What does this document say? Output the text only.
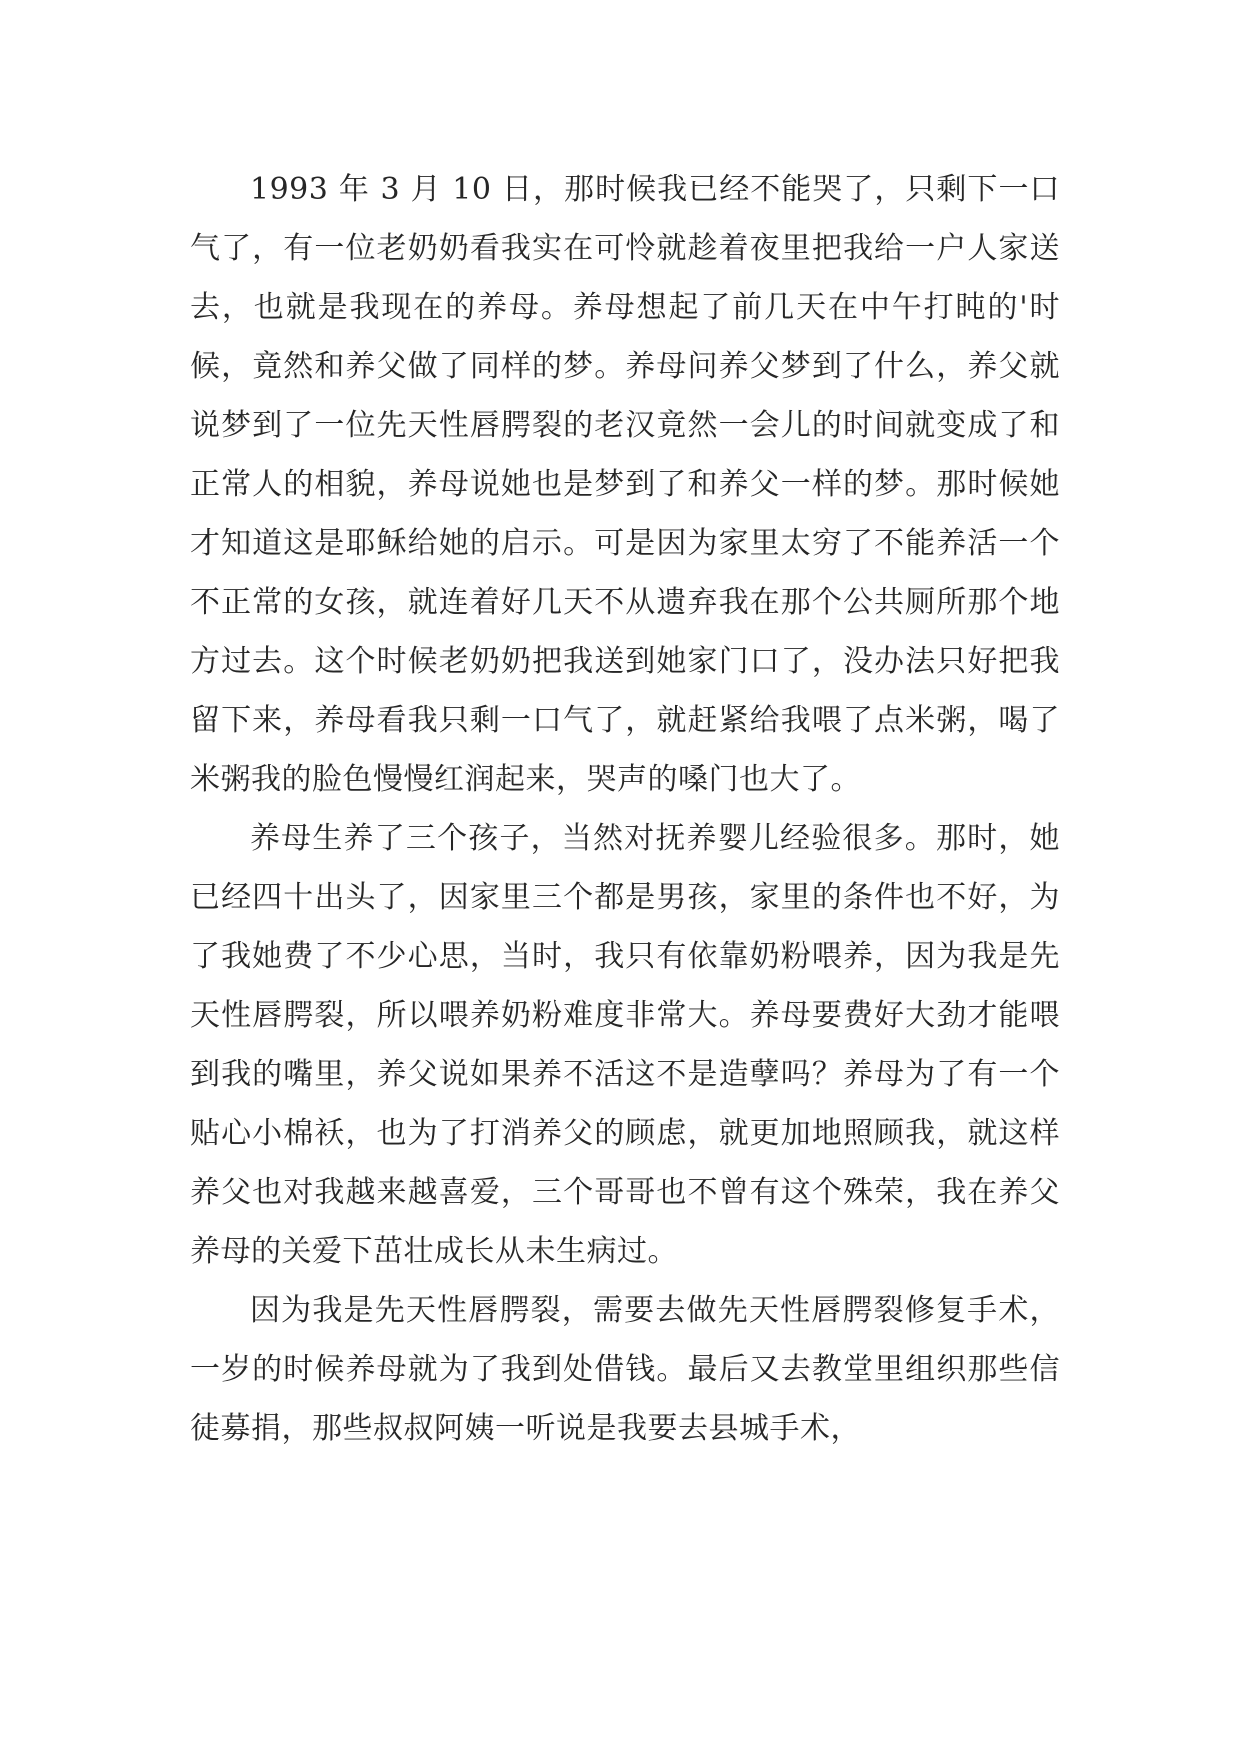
1993 年 3 月 10 日，那时候我已经不能哭了，只剩下一口气了，有一位老奶奶看我实在可怜就趁着夜里把我给一户人家送去，也就是我现在的养母。养母想起了前几天在中午打盹的'时候，竟然和养父做了同样的梦。养母问养父梦到了什么，养父就说梦到了一位先天性唇腭裂的老汉竟然一会儿的时间就变成了和正常人的相貌，养母说她也是梦到了和养父一样的梦。那时候她才知道这是耶稣给她的启示。可是因为家里太穷了不能养活一个不正常的女孩，就连着好几天不从遗弃我在那个公共厕所那个地方过去。这个时候老奶奶把我送到她家门口了，没办法只好把我留下来，养母看我只剩一口气了，就赶紧给我喂了点米粥，喝了米粥我的脸色慢慢红润起来，哭声的嗓门也大了。

养母生养了三个孩子，当然对抚养婴儿经验很多。那时，她已经四十出头了，因家里三个都是男孩，家里的条件也不好，为了我她费了不少心思，当时，我只有依靠奶粉喂养，因为我是先天性唇腭裂，所以喂养奶粉难度非常大。养母要费好大劲才能喂到我的嘴里，养父说如果养不活这不是造孽吗？养母为了有一个贴心小棉袄，也为了打消养父的顾虑，就更加地照顾我，就这样养父也对我越来越喜爱，三个哥哥也不曾有这个殊荣，我在养父养母的关爱下茁壮成长从未生病过。

因为我是先天性唇腭裂，需要去做先天性唇腭裂修复手术，一岁的时候养母就为了我到处借钱。最后又去教堂里组织那些信徒募捐，那些叔叔阿姨一听说是我要去县城手术，
